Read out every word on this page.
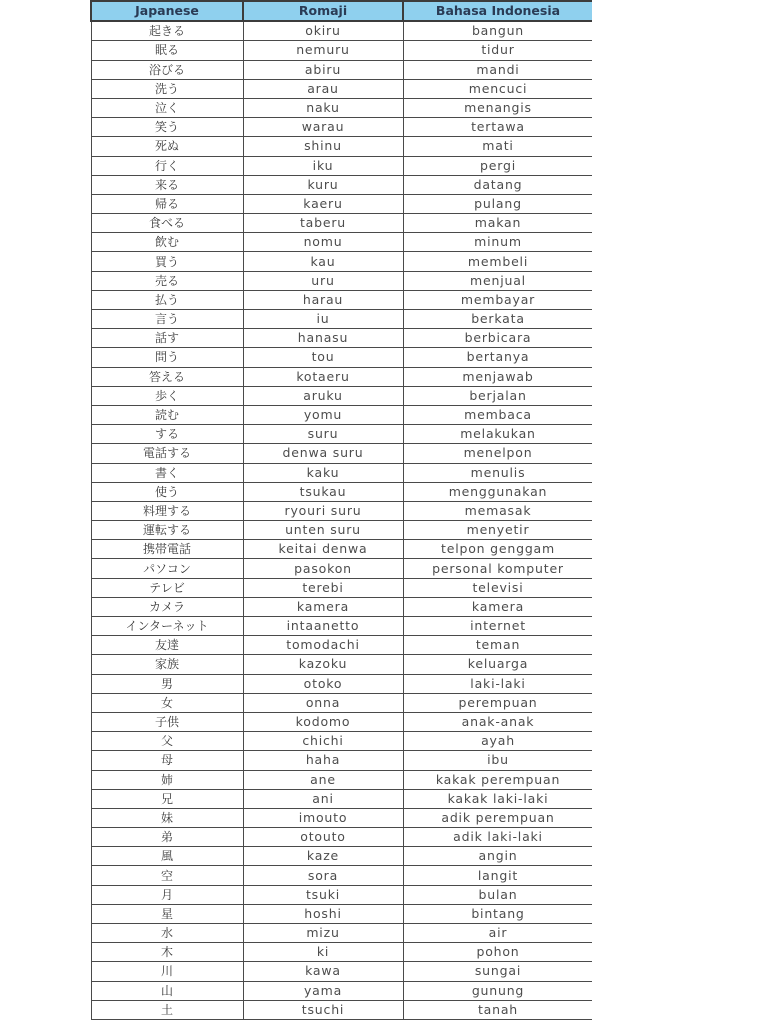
Japanese	Romaji	Bahasa Indonesia
起きる	okiru	bangun
眠る	nemuru	tidur
浴びる	abiru	mandi
洗う	arau	mencuci
泣く	naku	menangis
笑う	warau	tertawa
死ぬ	shinu	mati
行く	iku	pergi
来る	kuru	datang
帰る	kaeru	pulang
食べる	taberu	makan
飲む	nomu	minum
買う	kau	membeli
売る	uru	menjual
払う	harau	membayar
言う	iu	berkata
話す	hanasu	berbicara
問う	tou	bertanya
答える	kotaeru	menjawab
歩く	aruku	berjalan
読む	yomu	membaca
する	suru	melakukan
電話する	denwa suru	menelpon
書く	kaku	menulis
使う	tsukau	menggunakan
料理する	ryouri suru	memasak
運転する	unten suru	menyetir
携帯電話	keitai denwa	telpon genggam
パソコン	pasokon	personal komputer
テレビ	terebi	televisi
カメラ	kamera	kamera
インターネット	intaanetto	internet
友達	tomodachi	teman
家族	kazoku	keluarga
男	otoko	laki-laki
女	onna	perempuan
子供	kodomo	anak-anak
父	chichi	ayah
母	haha	ibu
姉	ane	kakak perempuan
兄	ani	kakak laki-laki
妹	imouto	adik perempuan
弟	otouto	adik laki-laki
風	kaze	angin
空	sora	langit
月	tsuki	bulan
星	hoshi	bintang
水	mizu	air
木	ki	pohon
川	kawa	sungai
山	yama	gunung
土	tsuchi	tanah
